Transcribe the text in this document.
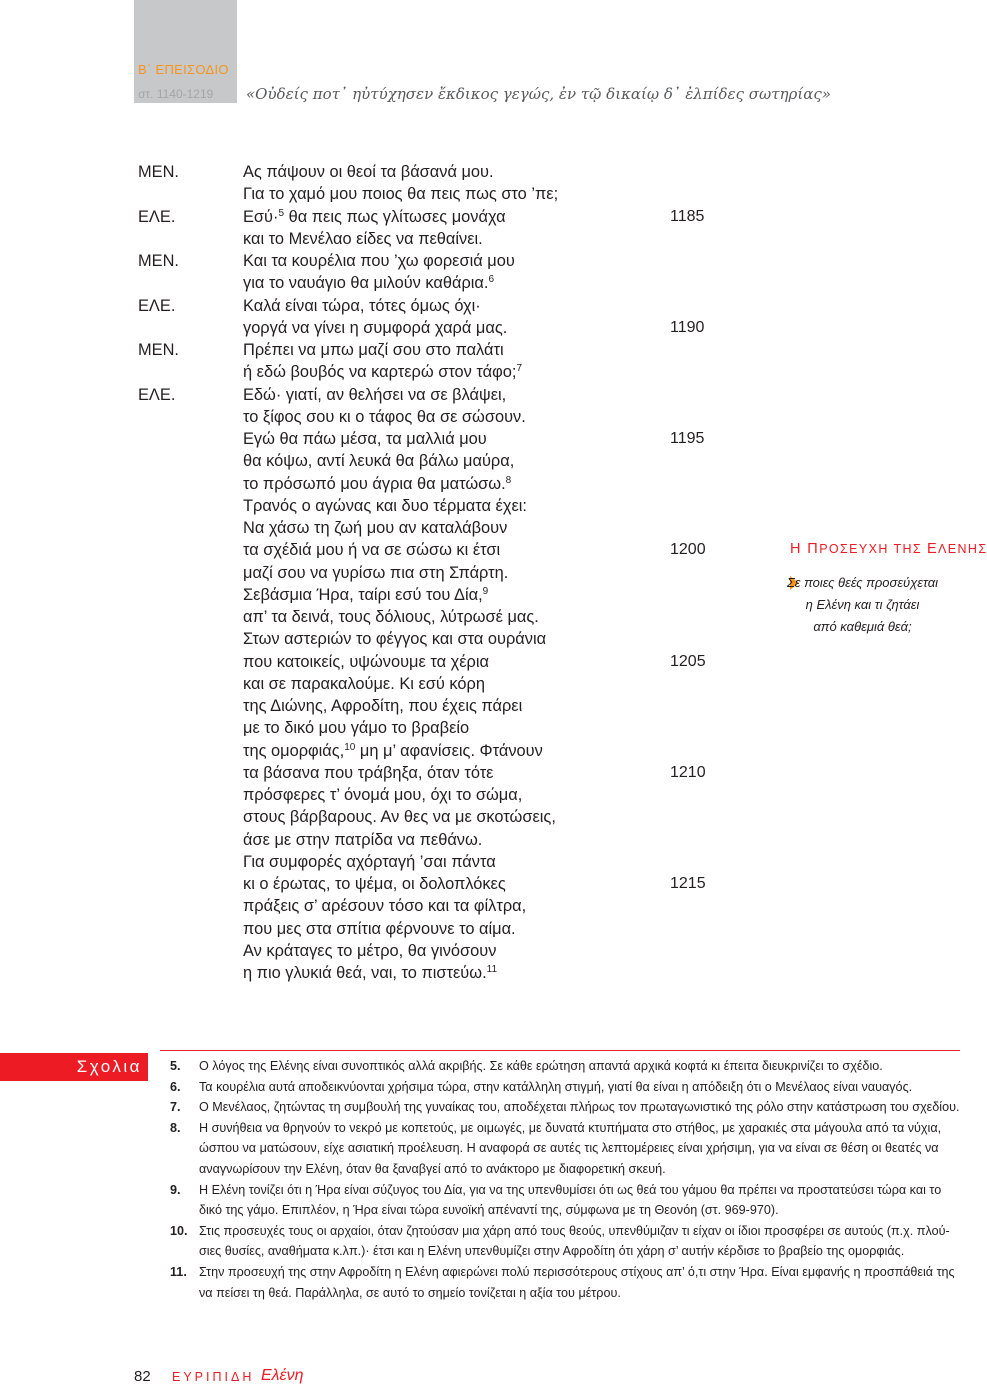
Β΄ ΕΠΕΙΣΟΔΙΟ
στ. 1140-1219 «Οὐδείς ποτ᾽ ηὐτύχησεν ἔκδικος γεγώς, ἐν τῷ δικαίῳ δ᾽ ἐλπίδες σωτηρίας»
ΜΕΝ.	Ας πάψουν οι θεοί τα βάσανά μου.
Για το χαμό μου ποιος θα πεις πως στο ’πε;
ΕΛΕ.	Εσύ·$^5$ θα πεις πως γλίτωσες μονάχα	1185
και το Μενέλαο είδες να πεθαίνει.
ΜΕΝ.	Και τα κουρέλια που ’χω φορεσιά μου
για το ναυάγιο θα μιλούν καθάρια.$^6$
ΕΛΕ.	Καλά είναι τώρα, τότες όμως όχι·
γοργά να γίνει η συμφορά χαρά μας.	1190
ΜΕΝ.	Πρέπει να μπω μαζί σου στο παλάτι
ή εδώ βουβός να καρτερώ στον τάφο;$^7$
ΕΛΕ.	Εδώ· γιατί, αν θελήσει να σε βλάψει,
το ξίφος σου κι ο τάφος θα σε σώσουν.
Εγώ θα πάω μέσα, τα μαλλιά μου	1195
θα κόψω, αντί λευκά θα βάλω μαύρα,
το πρόσωπό μου άγρια θα ματώσω.$^8$
Τρανός ο αγώνας και δυο τέρματα έχει:
Να χάσω τη ζωή μου αν καταλάβουν
τα σχέδιά μου ή να σε σώσω κι έτσι	1200
μαζί σου να γυρίσω πια στη Σπάρτη.
Σεβάσμια Ήρα, ταίρι εσύ του Δία,$^9$
απ’ τα δεινά, τους δόλιους, λύτρωσέ μας.
Στων αστεριών το φέγγος και στα ουράνια
που κατοικείς, υψώνουμε τα χέρια	1205
και σε παρακαλούμε. Κι εσύ κόρη
της Διώνης, Αφροδίτη, που έχεις πάρει
με το δικό μου γάμο το βραβείο
της ομορφιάς,$^{10}$ μη μ’ αφανίσεις. Φτάνουν
τα βάσανα που τράβηξα, όταν τότε	1210
πρόσφερες τ’ όνομά μου, όχι το σώμα,
στους βάρβαρους. Αν θες να με σκοτώσεις,
άσε με στην πατρίδα να πεθάνω.
Για συμφορές αχόρταγή ’σαι πάντα
κι ο έρωτας, το ψέμα, οι δολοπλόκες	1215
πράξεις σ’ αρέσουν τόσο και τα φίλτρα,
που μες στα σπίτια φέρνουνε το αίμα.
Αν κράταγες το μέτρο, θα γινόσουν
η πιο γλυκιά θεά, ναι, το πιστεύω.$^{11}$
Η ΠΡΟΣΕΥΧΗ ΤΗΣ ΕΛΕΝΗΣ
Σε ποιες θεές προσεύχεται
η Ελένη και τι ζητάει
από καθεμιά θεά;
Σχολια 5. Ο λόγος της Ελένης είναι συνοπτικός αλλά ακριβής. Σε κάθε ερώτηση απαντά αρχικά κοφτά κι έπειτα διευκρινίζει το σχέδιο.
6. Τα κουρέλια αυτά αποδεικνύονται χρήσιμα τώρα, στην κατάλληλη στιγμή, γιατί θα είναι η απόδειξη ότι ο Μενέλαος είναι ναυαγός.
7. Ο Μενέλαος, ζητώντας τη συμβουλή της γυναίκας του, αποδέχεται πλήρως τον πρωταγωνιστικό της ρόλο στην κατάστρωση του σχεδίου.
8. Η συνήθεια να θρηνούν το νεκρό με κοπετούς, με οιμωγές, με δυνατά κτυπήματα στο στήθος, με χαρακιές στα μάγουλα από τα νύχια,
ώσπου να ματώσουν, είχε ασιατική προέλευση. Η αναφορά σε αυτές τις λεπτομέρειες είναι χρήσιμη, για να είναι σε θέση οι θεατές να
αναγνωρίσουν την Ελένη, όταν θα ξαναβγεί από το ανάκτορο με διαφορετική σκευή.
9. Η Ελένη τονίζει ότι η Ήρα είναι σύζυγος του Δία, για να της υπενθυμίσει ότι ως θεά του γάμου θα πρέπει να προστατεύσει τώρα και το
δικό της γάμο. Επιπλέον, η Ήρα είναι τώρα ευνοϊκή απέναντί της, σύμφωνα με τη Θεονόη (στ. 969-970).
10. Στις προσευχές τους οι αρχαίοι, όταν ζητούσαν μια χάρη από τους θεούς, υπενθύμιζαν τι είχαν οι ίδιοι προσφέρει σε αυτούς (π.χ. πλού-
σιες θυσίες, αναθήματα κ.λπ.)· έτσι και η Ελένη υπενθυμίζει στην Αφροδίτη ότι χάρη σ’ αυτήν κέρδισε το βραβείο της ομορφιάς.
11. Στην προσευχή της στην Αφροδίτη η Ελένη αφιερώνει πολύ περισσότερους στίχους απ’ ό,τι στην Ήρα. Είναι εμφανής η προσπάθειά της
να πείσει τη θεά. Παράλληλα, σε αυτό το σημείο τονίζεται η αξία του μέτρου.
82 ΕΥΡΙΠΙΔΗ Ελένη
